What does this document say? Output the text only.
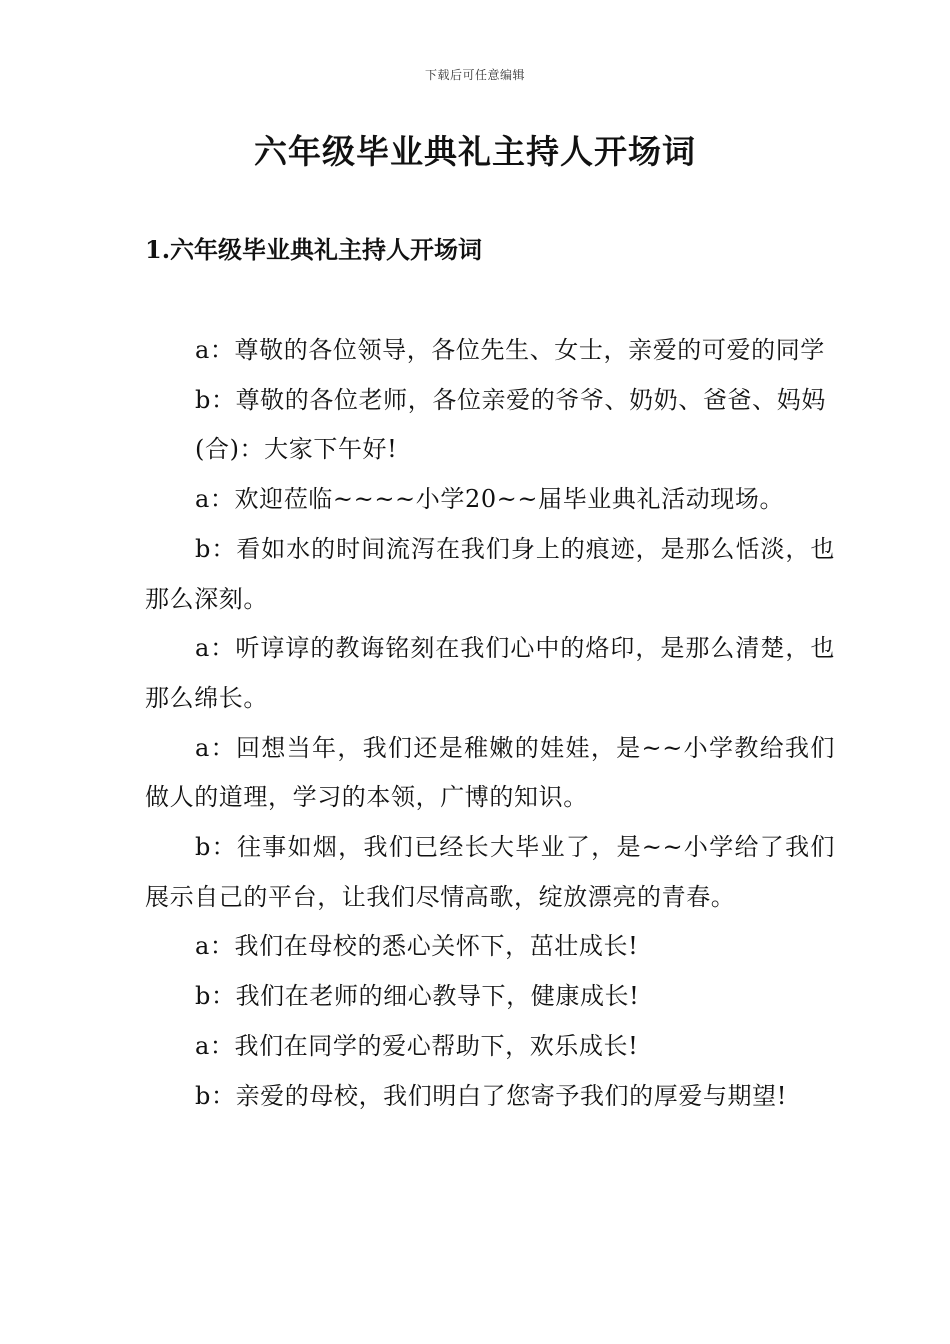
下载后可任意编辑
六年级毕业典礼主持人开场词
1.六年级毕业典礼主持人开场词

a：尊敬的各位领导，各位先生、女士，亲爱的可爱的同学

b：尊敬的各位老师，各位亲爱的爷爷、奶奶、爸爸、妈妈

(合)：大家下午好!

a：欢迎莅临~~~~小学20~~届毕业典礼活动现场。

b：看如水的时间流泻在我们身上的痕迹，是那么恬淡，也那么深刻。

a：听谆谆的教诲铭刻在我们心中的烙印，是那么清楚，也那么绵长。

a：回想当年，我们还是稚嫩的娃娃，是~~小学教给我们做人的道理，学习的本领，广博的知识。

b：往事如烟，我们已经长大毕业了，是~~小学给了我们展示自己的平台，让我们尽情高歌，绽放漂亮的青春。

a：我们在母校的悉心关怀下，茁壮成长!

b：我们在老师的细心教导下，健康成长!

a：我们在同学的爱心帮助下，欢乐成长!

b：亲爱的母校，我们明白了您寄予我们的厚爱与期望!
